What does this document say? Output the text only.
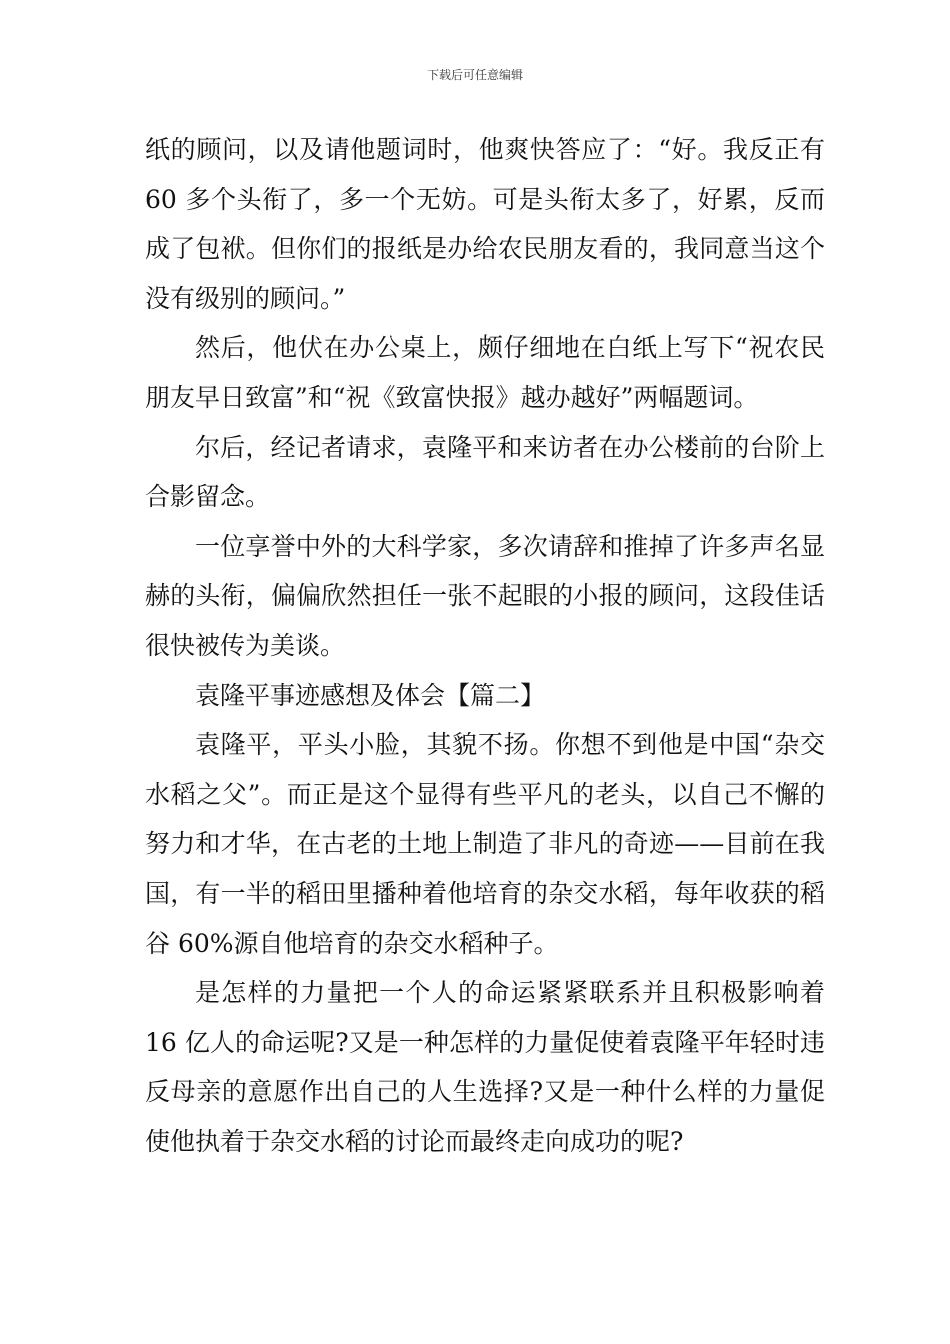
下载后可任意编辑

纸的顾问，以及请他题词时，他爽快答应了：“好。我反正有 60 多个头衔了，多一个无妨。可是头衔太多了，好累，反而成了包袱。但你们的报纸是办给农民朋友看的，我同意当这个没有级别的顾问。”

然后，他伏在办公桌上，颇仔细地在白纸上写下“祝农民朋友早日致富”和“祝《致富快报》越办越好”两幅题词。

尔后，经记者请求，袁隆平和来访者在办公楼前的台阶上合影留念。

一位享誉中外的大科学家，多次请辞和推掉了许多声名显赫的头衔，偏偏欣然担任一张不起眼的小报的顾问，这段佳话很快被传为美谈。

袁隆平事迹感想及体会【篇二】

袁隆平，平头小脸，其貌不扬。你想不到他是中国“杂交水稻之父”。而正是这个显得有些平凡的老头，以自己不懈的努力和才华，在古老的土地上制造了非凡的奇迹——目前在我国，有一半的稻田里播种着他培育的杂交水稻，每年收获的稻谷 60%源自他培育的杂交水稻种子。

是怎样的力量把一个人的命运紧紧联系并且积极影响着 16 亿人的命运呢?又是一种怎样的力量促使着袁隆平年轻时违反母亲的意愿作出自己的人生选择?又是一种什么样的力量促使他执着于杂交水稻的讨论而最终走向成功的呢?
